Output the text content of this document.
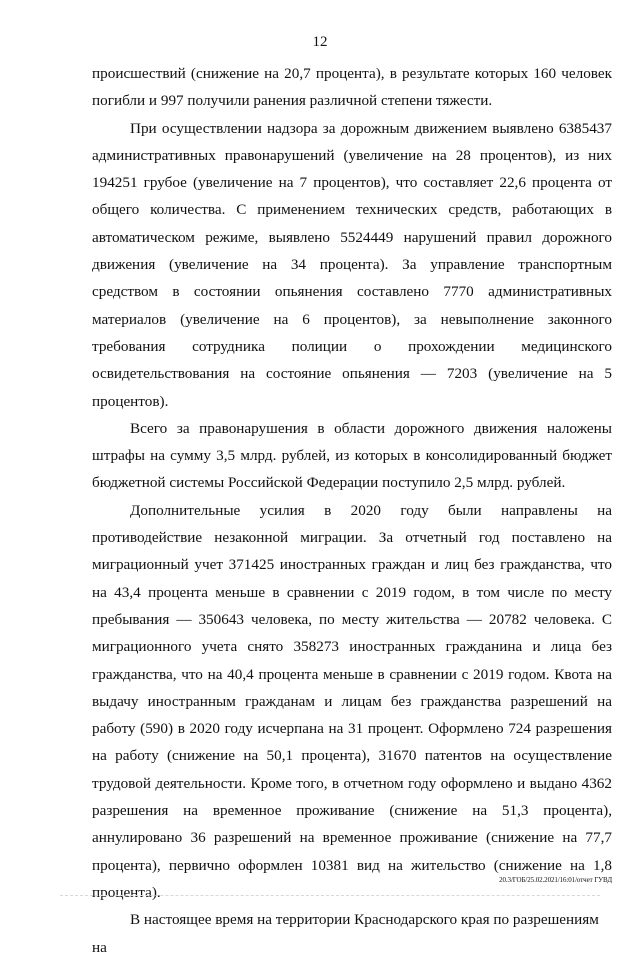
12

происшествий (снижение на 20,7 процента), в результате которых 160 человек погибли и 997 получили ранения различной степени тяжести.

При осуществлении надзора за дорожным движением выявлено 6385437 административных правонарушений (увеличение на 28 процентов), из них 194251 грубое (увеличение на 7 процентов), что составляет 22,6 процента от общего количества. С применением технических средств, работающих в автоматическом режиме, выявлено 5524449 нарушений правил дорожного движения (увеличение на 34 процента). За управление транспортным средством в состоянии опьянения составлено 7770 административных материалов (увеличение на 6 процентов), за невыполнение законного требования сотрудника полиции о прохождении медицинского освидетельствования на состояние опьянения — 7203 (увеличение на 5 процентов).

Всего за правонарушения в области дорожного движения наложены штрафы на сумму 3,5 млрд. рублей, из которых в консолидированный бюджет бюджетной системы Российской Федерации поступило 2,5 млрд. рублей.

Дополнительные усилия в 2020 году были направлены на противодействие незаконной миграции. За отчетный год поставлено на миграционный учет 371425 иностранных граждан и лиц без гражданства, что на 43,4 процента меньше в сравнении с 2019 годом, в том числе по месту пребывания — 350643 человека, по месту жительства — 20782 человека. С миграционного учета снято 358273 иностранных гражданина и лица без гражданства, что на 40,4 процента меньше в сравнении с 2019 годом. Квота на выдачу иностранным гражданам и лицам без гражданства разрешений на работу (590) в 2020 году исчерпана на 31 процент. Оформлено 724 разрешения на работу (снижение на 50,1 процента), 31670 патентов на осуществление трудовой деятельности. Кроме того, в отчетном году оформлено и выдано 4362 разрешения на временное проживание (снижение на 51,3 процента), аннулировано 36 разрешений на временное проживание (снижение на 77,7 процента), первично оформлен 10381 вид на жительство (снижение на 1,8 процента).

В настоящее время на территории Краснодарского края по разрешениям на

20.3/ГОБ/25.02.2021/16:01/отчет ГУВД
